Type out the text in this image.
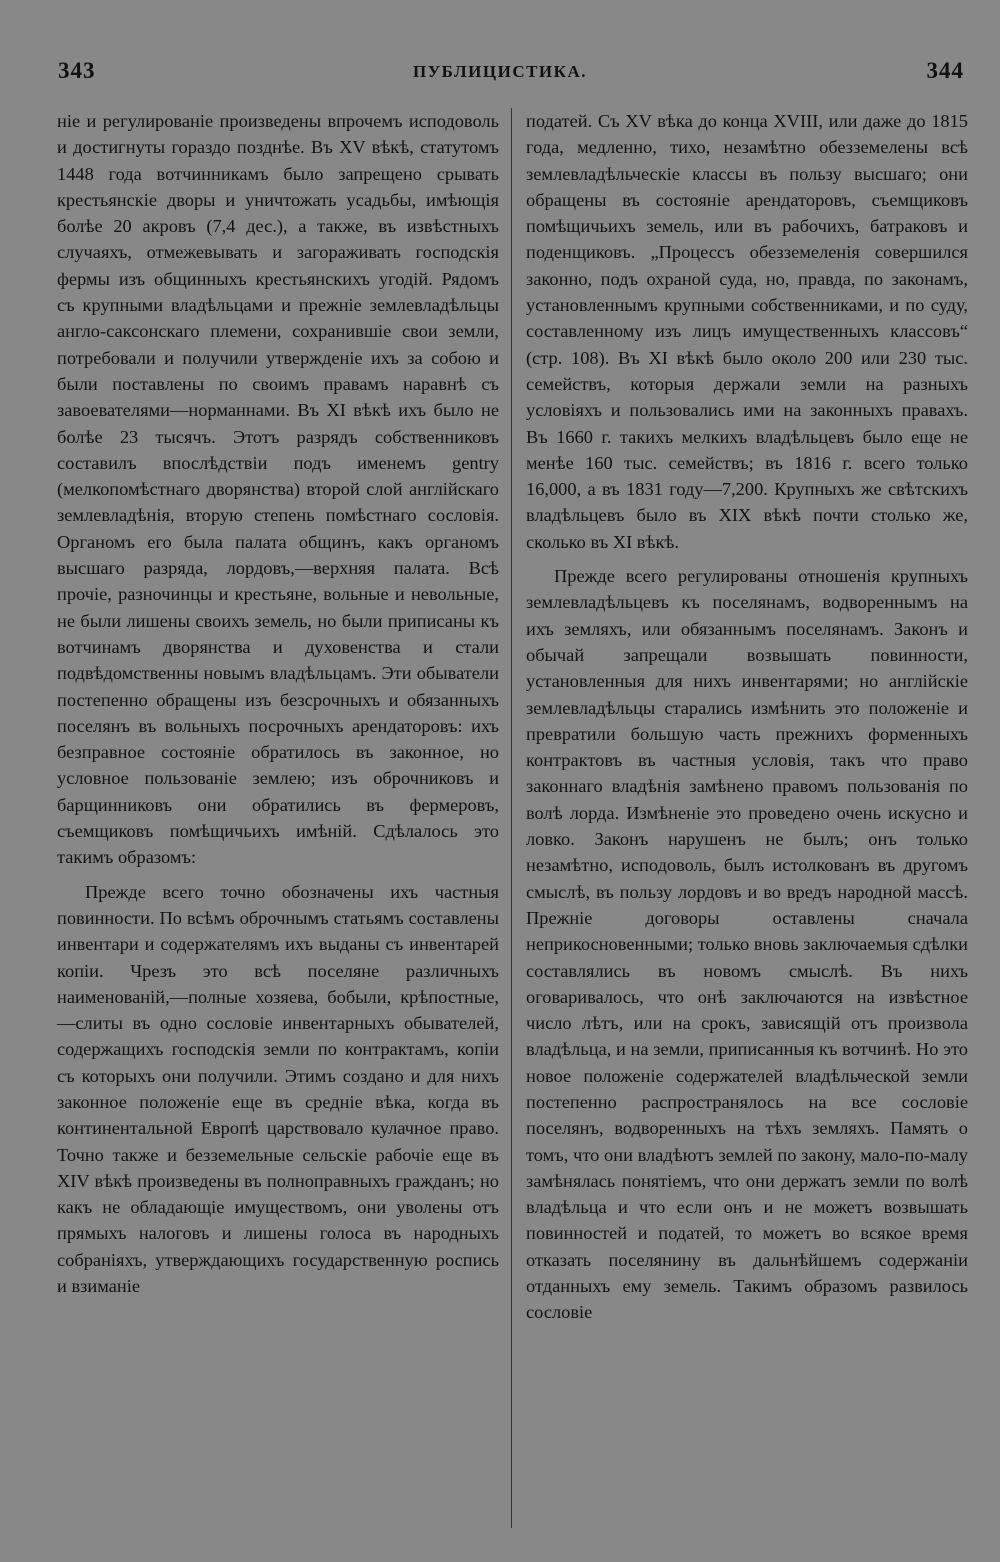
343	ПУБЛИЦИСТИКА.	344

ніе и регулированіе произведены впрочемъ исподоволь и достигнуты гораздо позднѣе. Въ XV вѣкѣ, статутомъ 1448 года вотчинникамъ было запрещено срывать крестьянскіе дворы и уничтожать усадьбы, имѣющія болѣе 20 акровъ (7,4 дес.), а также, въ извѣстныхъ случаяхъ, отмежевывать и загораживать господскія фермы изъ общинныхъ крестьянскихъ угодій. Рядомъ съ крупными владѣльцами и прежніе землевладѣльцы англо-саксонскаго племени, сохранившіе свои земли, потребовали и получили утвержденіе ихъ за собою и были поставлены по своимъ правамъ наравнѣ съ завоевателями—норманнами. Въ XI вѣкѣ ихъ было не болѣе 23 тысячъ. Этотъ разрядъ собственниковъ составилъ впослѣдствіи подъ именемъ gentry (мелкопомѣстнаго дворянства) второй слой англійскаго землевладѣнія, вторую степень помѣстнаго сословія. Органомъ его была палата общинъ, какъ органомъ высшаго разряда, лордовъ,—верхняя палата. Всѣ прочіе, разночинцы и крестьяне, вольные и невольные, не были лишены своихъ земель, но были приписаны къ вотчинамъ дворянства и духовенства и стали подвѣдомственны новымъ владѣльцамъ. Эти обыватели постепенно обращены изъ безсрочныхъ и обязанныхъ поселянъ въ вольныхъ посрочныхъ арендаторовъ: ихъ безправное состояніе обратилось въ законное, но условное пользованіе землею; изъ оброчниковъ и барщинниковъ они обратились въ фермеровъ, съемщиковъ помѣщичьихъ имѣній. Сдѣлалось это такимъ образомъ:

Прежде всего точно обозначены ихъ частныя повинности. По всѣмъ оброчнымъ статьямъ составлены инвентари и содержателямъ ихъ выданы съ инвентарей копіи. Чрезъ это всѣ поселяне различныхъ наименованій,—полные хозяева, бобыли, крѣпостные,—слиты въ одно сословіе инвентарныхъ обывателей, содержащихъ господскія земли по контрактамъ, копіи съ которыхъ они получили. Этимъ создано и для нихъ законное положеніе еще въ средніе вѣка, когда въ континентальной Европѣ царствовало кулачное право. Точно также и безземельные сельскіе рабочіе еще въ XIV вѣкѣ произведены въ полноправныхъ гражданъ; но какъ не обладающіе имуществомъ, они уволены отъ прямыхъ налоговъ и лишены голоса въ народныхъ собраніяхъ, утверждающихъ государственную роспись и взиманіе

податей. Съ XV вѣка до конца XVIII, или даже до 1815 года, медленно, тихо, незамѣтно обезземелены всѣ землевладѣльческіе классы въ пользу высшаго; они обращены въ состояніе арендаторовъ, съемщиковъ помѣщичьихъ земель, или въ рабочихъ, батраковъ и поденщиковъ. „Процессъ обезземеленія совершился законно, подъ охраной суда, но, правда, по законамъ, установленнымъ крупными собственниками, и по суду, составленному изъ лицъ имущественныхъ классовъ“ (стр. 108). Въ XI вѣкѣ было около 200 или 230 тыс. семействъ, которыя держали земли на разныхъ условіяхъ и пользовались ими на законныхъ правахъ. Въ 1660 г. такихъ мелкихъ владѣльцевъ было еще не менѣе 160 тыс. семействъ; въ 1816 г. всего только 16,000, а въ 1831 году—7,200. Крупныхъ же свѣтскихъ владѣльцевъ было въ XIX вѣкѣ почти столько же, сколько въ XI вѣкѣ.

Прежде всего регулированы отношенія крупныхъ землевладѣльцевъ къ поселянамъ, водвореннымъ на ихъ земляхъ, или обязаннымъ поселянамъ. Законъ и обычай запрещали возвышать повинности, установленныя для нихъ инвентарями; но англійскіе землевладѣльцы старались измѣнить это положеніе и превратили большую часть прежнихъ форменныхъ контрактовъ въ частныя условія, такъ что право законнаго владѣнія замѣнено правомъ пользованія по волѣ лорда. Измѣненіе это проведено очень искусно и ловко. Законъ нарушенъ не былъ; онъ только незамѣтно, исподоволь, былъ истолкованъ въ другомъ смыслѣ, въ пользу лордовъ и во вредъ народной массѣ. Прежніе договоры оставлены сначала неприкосновенными; только вновь заключаемыя сдѣлки составлялись въ новомъ смыслѣ. Въ нихъ оговаривалось, что онѣ заключаются на извѣстное число лѣтъ, или на срокъ, зависящій отъ произвола владѣльца, и на земли, приписанныя къ вотчинѣ. Но это новое положеніе содержателей владѣльческой земли постепенно распространялось на все сословіе поселянъ, водворенныхъ на тѣхъ земляхъ. Память о томъ, что они владѣютъ землей по закону, мало-по-малу замѣнялась понятіемъ, что они держатъ земли по волѣ владѣльца и что если онъ и не можетъ возвышать повинностей и податей, то можетъ во всякое время отказать поселянину въ дальнѣйшемъ содержаніи отданныхъ ему земель. Такимъ образомъ развилось сословіе
